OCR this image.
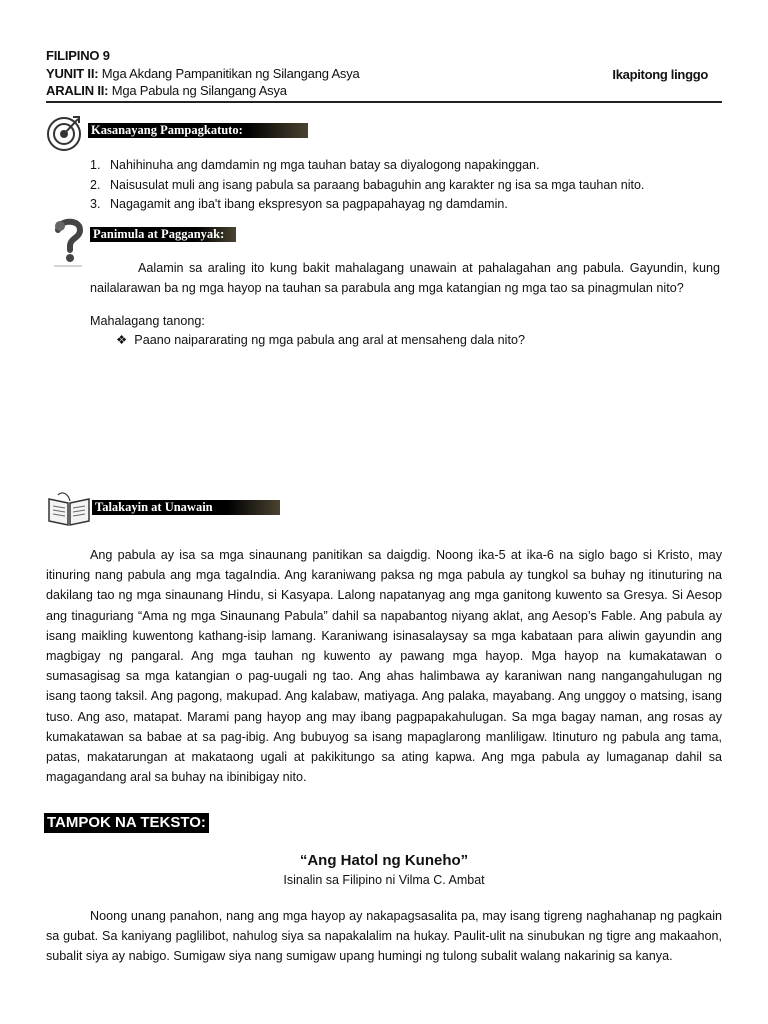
FILIPINO 9
YUNIT II: Mga Akdang Pampanitikan ng Silangang Asya
ARALIN II: Mga Pabula ng Silangang Asya
Ikapitong linggo
Kasanayang Pampagkatuto:
1. Nahihinuha ang damdamin ng mga tauhan batay sa diyalogong napakinggan.
2. Naisusulat muli ang isang pabula sa paraang babaguhin ang karakter ng isa sa mga tauhan nito.
3. Nagagamit ang iba't ibang ekspresyon sa pagpapahayag ng damdamin.
Panimula at Pagganyak:
Aalamin sa araling ito kung bakit mahalagang unawain at pahalagahan ang pabula. Gayundin, kung nailalarawan ba ng mga hayop na tauhan sa parabula ang mga katangian ng mga tao sa pinagmulan nito?
Mahalagang tanong:
❖ Paano naipararating ng mga pabula ang aral at mensaheng dala nito?
Talakayin at Unawain
Ang pabula ay isa sa mga sinaunang panitikan sa daigdig. Noong ika-5 at ika-6 na siglo bago si Kristo, may itinuring nang pabula ang mga tagaIndia. Ang karaniwang paksa ng mga pabula ay tungkol sa buhay ng itinuturing na dakilang tao ng mga sinaunang Hindu, si Kasyapa. Lalong napatanyag ang mga ganitong kuwento sa Gresya. Si Aesop ang tinaguriang “Ama ng mga Sinaunang Pabula” dahil sa napabantog niyang aklat, ang Aesop’s Fable. Ang pabula ay isang maikling kuwentong kathang-isip lamang. Karaniwang isinasalaysay sa mga kabataan para aliwin gayundin ang magbigay ng pangaral. Ang mga tauhan ng kuwento ay pawang mga hayop. Mga hayop na kumakatawan o sumasagisag sa mga katangian o pag-uugali ng tao. Ang ahas halimbawa ay karaniwan nang nangangahulugan ng isang taong taksil. Ang pagong, makupad. Ang kalabaw, matiyaga. Ang palaka, mayabang. Ang unggoy o matsing, isang tuso. Ang aso, matapat. Marami pang hayop ang may ibang pagpapakahulugan. Sa mga bagay naman, ang rosas ay kumakatawan sa babae at sa pag-ibig. Ang bubuyog sa isang mapaglarong manliligaw. Itinuturo ng pabula ang tama, patas, makatarungan at makataong ugali at pakikitungo sa ating kapwa. Ang mga pabula ay lumaganap dahil sa magagandang aral sa buhay na ibinibigay nito.
TAMPOK NA TEKSTO:
“Ang Hatol ng Kuneho”
Isinalin sa Filipino ni Vilma C. Ambat
Noong unang panahon, nang ang mga hayop ay nakapagsasalita pa, may isang tigreng naghahanap ng pagkain sa gubat. Sa kaniyang paglilibot, nahulog siya sa napakalalim na hukay. Paulit-ulit na sinubukan ng tigre ang makaahon, subalit siya ay nabigo. Sumigaw siya nang sumigaw upang humingi ng tulong subalit walang nakarinig sa kanya.
